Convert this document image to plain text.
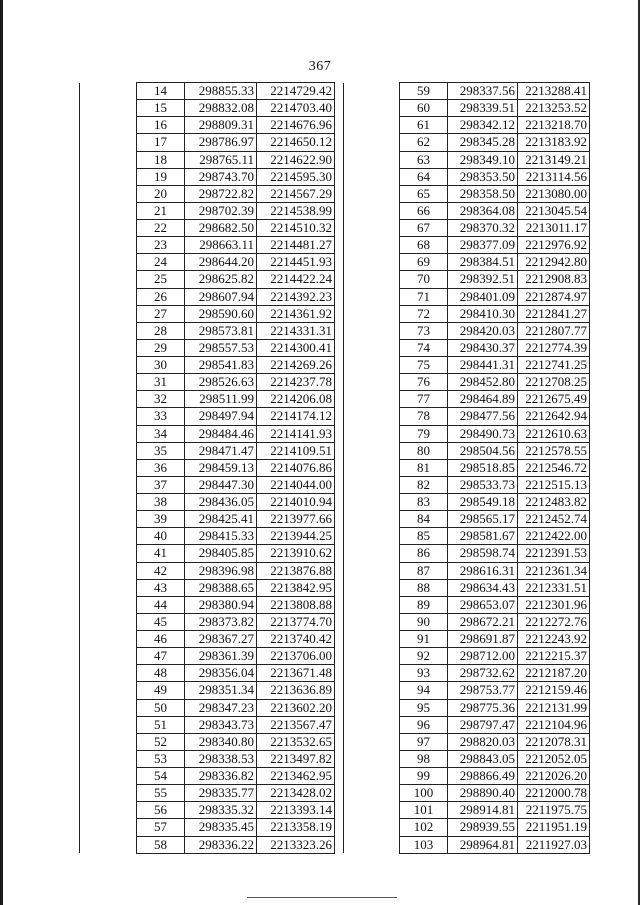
367
	14	298855.33	2214729.42
	15	298832.08	2214703.40
	16	298809.31	2214676.96
	17	298786.97	2214650.12
	18	298765.11	2214622.90
	19	298743.70	2214595.30
	20	298722.82	2214567.29
	21	298702.39	2214538.99
	22	298682.50	2214510.32
	23	298663.11	2214481.27
	24	298644.20	2214451.93
	25	298625.82	2214422.24
	26	298607.94	2214392.23
	27	298590.60	2214361.92
	28	298573.81	2214331.31
	29	298557.53	2214300.41
	30	298541.83	2214269.26
	31	298526.63	2214237.78
	32	298511.99	2214206.08
	33	298497.94	2214174.12
	34	298484.46	2214141.93
	35	298471.47	2214109.51
	36	298459.13	2214076.86
	37	298447.30	2214044.00
	38	298436.05	2214010.94
	39	298425.41	2213977.66
	40	298415.33	2213944.25
	41	298405.85	2213910.62
	42	298396.98	2213876.88
	43	298388.65	2213842.95
	44	298380.94	2213808.88
	45	298373.82	2213774.70
	46	298367.27	2213740.42
	47	298361.39	2213706.00
	48	298356.04	2213671.48
	49	298351.34	2213636.89
	50	298347.23	2213602.20
	51	298343.73	2213567.47
	52	298340.80	2213532.65
	53	298338.53	2213497.82
	54	298336.82	2213462.95
	55	298335.77	2213428.02
	56	298335.32	2213393.14
	57	298335.45	2213358.19
	58	298336.22	2213323.26
	59	298337.56	2213288.41
	60	298339.51	2213253.52
	61	298342.12	2213218.70
	62	298345.28	2213183.92
	63	298349.10	2213149.21
	64	298353.50	2213114.56
	65	298358.50	2213080.00
	66	298364.08	2213045.54
	67	298370.32	2213011.17
	68	298377.09	2212976.92
	69	298384.51	2212942.80
	70	298392.51	2212908.83
	71	298401.09	2212874.97
	72	298410.30	2212841.27
	73	298420.03	2212807.77
	74	298430.37	2212774.39
	75	298441.31	2212741.25
	76	298452.80	2212708.25
	77	298464.89	2212675.49
	78	298477.56	2212642.94
	79	298490.73	2212610.63
	80	298504.56	2212578.55
	81	298518.85	2212546.72
	82	298533.73	2212515.13
	83	298549.18	2212483.82
	84	298565.17	2212452.74
	85	298581.67	2212422.00
	86	298598.74	2212391.53
	87	298616.31	2212361.34
	88	298634.43	2212331.51
	89	298653.07	2212301.96
	90	298672.21	2212272.76
	91	298691.87	2212243.92
	92	298712.00	2212215.37
	93	298732.62	2212187.20
	94	298753.77	2212159.46
	95	298775.36	2212131.99
	96	298797.47	2212104.96
	97	298820.03	2212078.31
	98	298843.05	2212052.05
	99	298866.49	2212026.20
	100	298890.40	2212000.78
	101	298914.81	2211975.75
	102	298939.55	2211951.19
	103	298964.81	2211927.03
